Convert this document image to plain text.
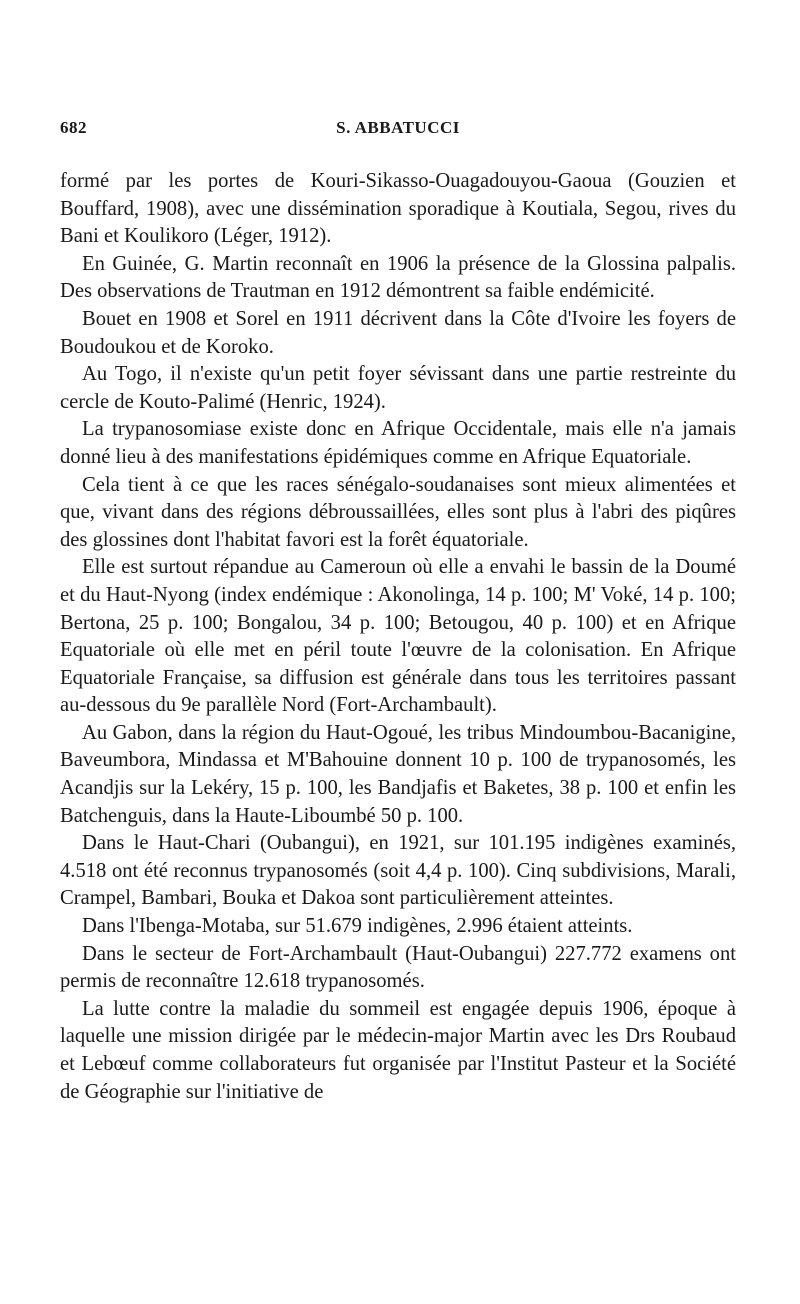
682	S. ABBATUCCI

formé par les portes de Kouri-Sikasso-Ouagadouyou-Gaoua (Gouzien et Bouffard, 1908), avec une dissémination sporadique à Koutiala, Segou, rives du Bani et Koulikoro (Léger, 1912).

En Guinée, G. Martin reconnaît en 1906 la présence de la Glossina palpalis. Des observations de Trautman en 1912 démontrent sa faible endémicité.

Bouet en 1908 et Sorel en 1911 décrivent dans la Côte d'Ivoire les foyers de Boudoukou et de Koroko.

Au Togo, il n'existe qu'un petit foyer sévissant dans une partie restreinte du cercle de Kouto-Palimé (Henric, 1924).

La trypanosomiase existe donc en Afrique Occidentale, mais elle n'a jamais donné lieu à des manifestations épidémiques comme en Afrique Equatoriale.

Cela tient à ce que les races sénégalo-soudanaises sont mieux alimentées et que, vivant dans des régions débroussaillées, elles sont plus à l'abri des piqûres des glossines dont l'habitat favori est la forêt équatoriale.

Elle est surtout répandue au Cameroun où elle a envahi le bassin de la Doumé et du Haut-Nyong (index endémique : Akonolinga, 14 p. 100; M' Voké, 14 p. 100; Bertona, 25 p. 100; Bongalou, 34 p. 100; Betougou, 40 p. 100) et en Afrique Equatoriale où elle met en péril toute l'œuvre de la colonisation. En Afrique Equatoriale Française, sa diffusion est générale dans tous les territoires passant au-dessous du 9e parallèle Nord (Fort-Archambault).

Au Gabon, dans la région du Haut-Ogoué, les tribus Mindoumbou-Bacanigine, Baveumbora, Mindassa et M'Bahouine donnent 10 p. 100 de trypanosomés, les Acandjis sur la Lekéry, 15 p. 100, les Bandjafis et Baketes, 38 p. 100 et enfin les Batchenguis, dans la Haute-Liboumbé 50 p. 100.

Dans le Haut-Chari (Oubangui), en 1921, sur 101.195 indigènes examinés, 4.518 ont été reconnus trypanosomés (soit 4,4 p. 100). Cinq subdivisions, Marali, Crampel, Bambari, Bouka et Dakoa sont particulièrement atteintes.

Dans l'Ibenga-Motaba, sur 51.679 indigènes, 2.996 étaient atteints.

Dans le secteur de Fort-Archambault (Haut-Oubangui) 227.772 examens ont permis de reconnaître 12.618 trypanosomés.

La lutte contre la maladie du sommeil est engagée depuis 1906, époque à laquelle une mission dirigée par le médecin-major Martin avec les Drs Roubaud et Lebœuf comme collaborateurs fut organisée par l'Institut Pasteur et la Société de Géographie sur l'initiative de
